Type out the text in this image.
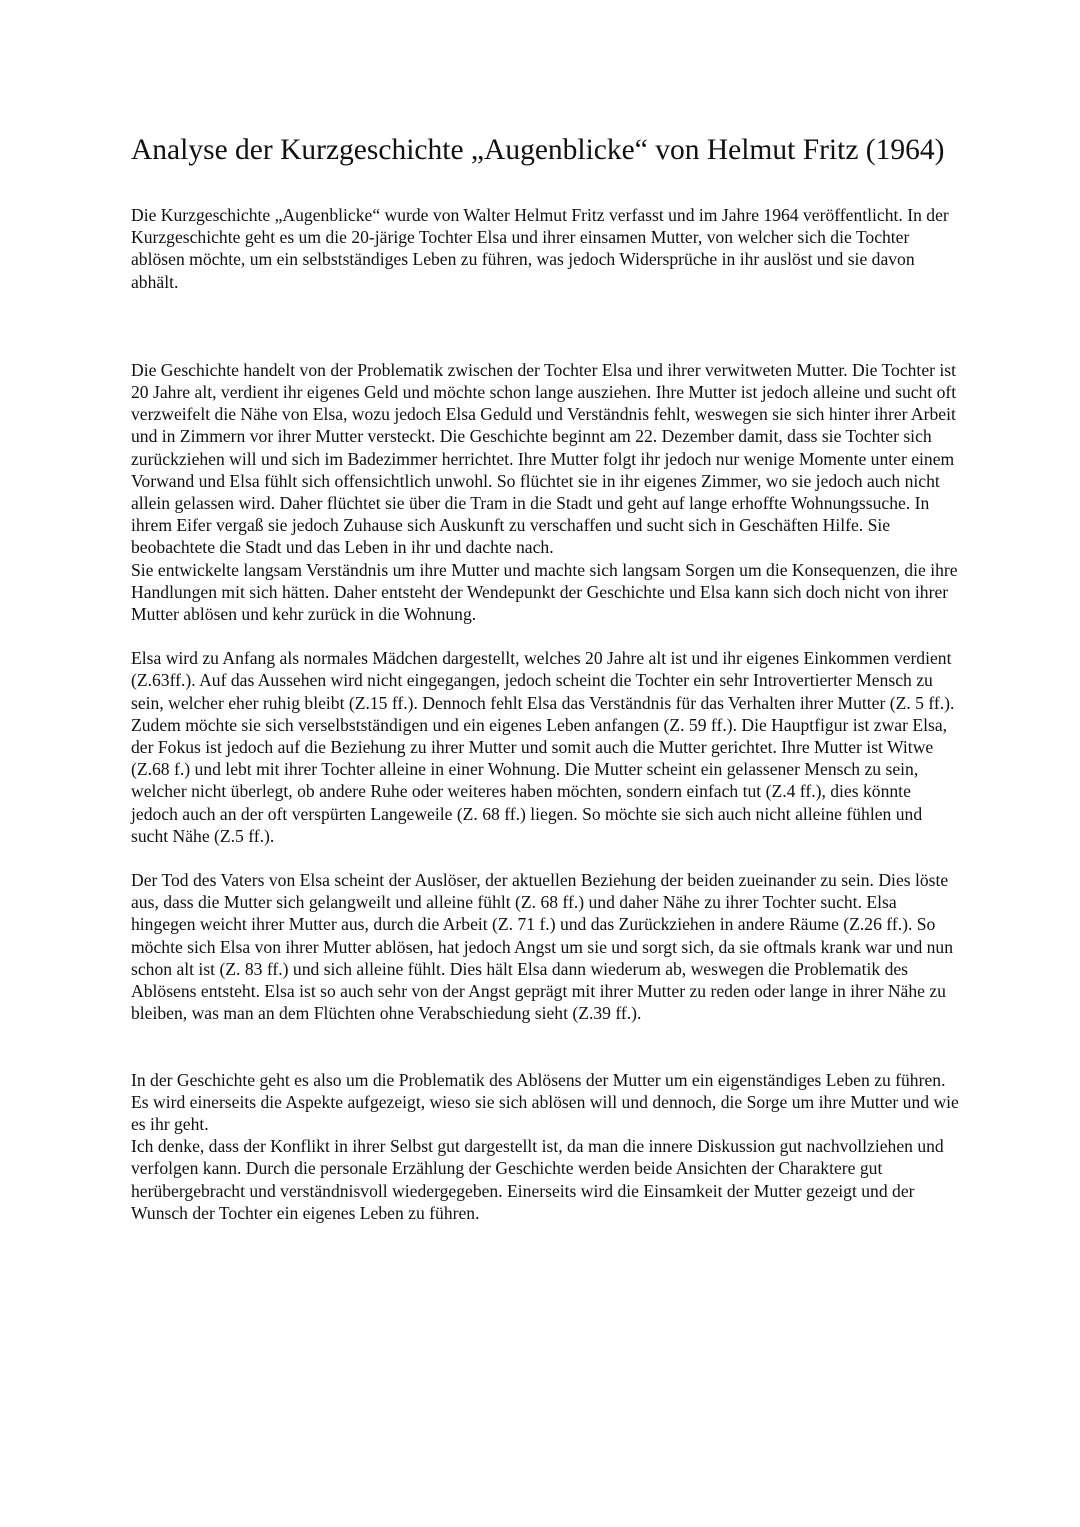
Analyse der Kurzgeschichte „Augenblicke“ von Helmut Fritz (1964)

Die Kurzgeschichte „Augenblicke“ wurde von Walter Helmut Fritz verfasst und im Jahre 1964 veröffentlicht. In der Kurzgeschichte geht es um die 20-järige Tochter Elsa und ihrer einsamen Mutter, von welcher sich die Tochter ablösen möchte, um ein selbstständiges Leben zu führen, was jedoch Widersprüche in ihr auslöst und sie davon abhält.

Die Geschichte handelt von der Problematik zwischen der Tochter Elsa und ihrer verwitweten Mutter. Die Tochter ist 20 Jahre alt, verdient ihr eigenes Geld und möchte schon lange ausziehen. Ihre Mutter ist jedoch alleine und sucht oft verzweifelt die Nähe von Elsa, wozu jedoch Elsa Geduld und Verständnis fehlt, weswegen sie sich hinter ihrer Arbeit und in Zimmern vor ihrer Mutter versteckt. Die Geschichte beginnt am 22. Dezember damit, dass sie Tochter sich zurückziehen will und sich im Badezimmer herrichtet. Ihre Mutter folgt ihr jedoch nur wenige Momente unter einem Vorwand und Elsa fühlt sich offensichtlich unwohl. So flüchtet sie in ihr eigenes Zimmer, wo sie jedoch auch nicht allein gelassen wird. Daher flüchtet sie über die Tram in die Stadt und geht auf lange erhoffte Wohnungssuche. In ihrem Eifer vergaß sie jedoch Zuhause sich Auskunft zu verschaffen und sucht sich in Geschäften Hilfe. Sie beobachtete die Stadt und das Leben in ihr und dachte nach.
Sie entwickelte langsam Verständnis um ihre Mutter und machte sich langsam Sorgen um die Konsequenzen, die ihre Handlungen mit sich hätten. Daher entsteht der Wendepunkt der Geschichte und Elsa kann sich doch nicht von ihrer Mutter ablösen und kehr zurück in die Wohnung.

Elsa wird zu Anfang als normales Mädchen dargestellt, welches 20 Jahre alt ist und ihr eigenes Einkommen verdient (Z.63ff.). Auf das Aussehen wird nicht eingegangen, jedoch scheint die Tochter ein sehr Introvertierter Mensch zu sein, welcher eher ruhig bleibt (Z.15 ff.). Dennoch fehlt Elsa das Verständnis für das Verhalten ihrer Mutter (Z. 5 ff.). Zudem möchte sie sich verselbstständigen und ein eigenes Leben anfangen (Z. 59 ff.). Die Hauptfigur ist zwar Elsa, der Fokus ist jedoch auf die Beziehung zu ihrer Mutter und somit auch die Mutter gerichtet. Ihre Mutter ist Witwe (Z.68 f.) und lebt mit ihrer Tochter alleine in einer Wohnung. Die Mutter scheint ein gelassener Mensch zu sein, welcher nicht überlegt, ob andere Ruhe oder weiteres haben möchten, sondern einfach tut (Z.4 ff.), dies könnte jedoch auch an der oft verspürten Langeweile (Z. 68 ff.) liegen. So möchte sie sich auch nicht alleine fühlen und sucht Nähe (Z.5 ff.).

Der Tod des Vaters von Elsa scheint der Auslöser, der aktuellen Beziehung der beiden zueinander zu sein. Dies löste aus, dass die Mutter sich gelangweilt und alleine fühlt (Z. 68 ff.) und daher Nähe zu ihrer Tochter sucht. Elsa hingegen weicht ihrer Mutter aus, durch die Arbeit (Z. 71 f.) und das Zurückziehen in andere Räume (Z.26 ff.). So möchte sich Elsa von ihrer Mutter ablösen, hat jedoch Angst um sie und sorgt sich, da sie oftmals krank war und nun schon alt ist (Z. 83 ff.) und sich alleine fühlt. Dies hält Elsa dann wiederum ab, weswegen die Problematik des Ablösens entsteht. Elsa ist so auch sehr von der Angst geprägt mit ihrer Mutter zu reden oder lange in ihrer Nähe zu bleiben, was man an dem Flüchten ohne Verabschiedung sieht (Z.39 ff.).

In der Geschichte geht es also um die Problematik des Ablösens der Mutter um ein eigenständiges Leben zu führen. Es wird einerseits die Aspekte aufgezeigt, wieso sie sich ablösen will und dennoch, die Sorge um ihre Mutter und wie es ihr geht.
Ich denke, dass der Konflikt in ihrer Selbst gut dargestellt ist, da man die innere Diskussion gut nachvollziehen und verfolgen kann. Durch die personale Erzählung der Geschichte werden beide Ansichten der Charaktere gut herübergebracht und verständnisvoll wiedergegeben. Einerseits wird die Einsamkeit der Mutter gezeigt und der Wunsch der Tochter ein eigenes Leben zu führen.
